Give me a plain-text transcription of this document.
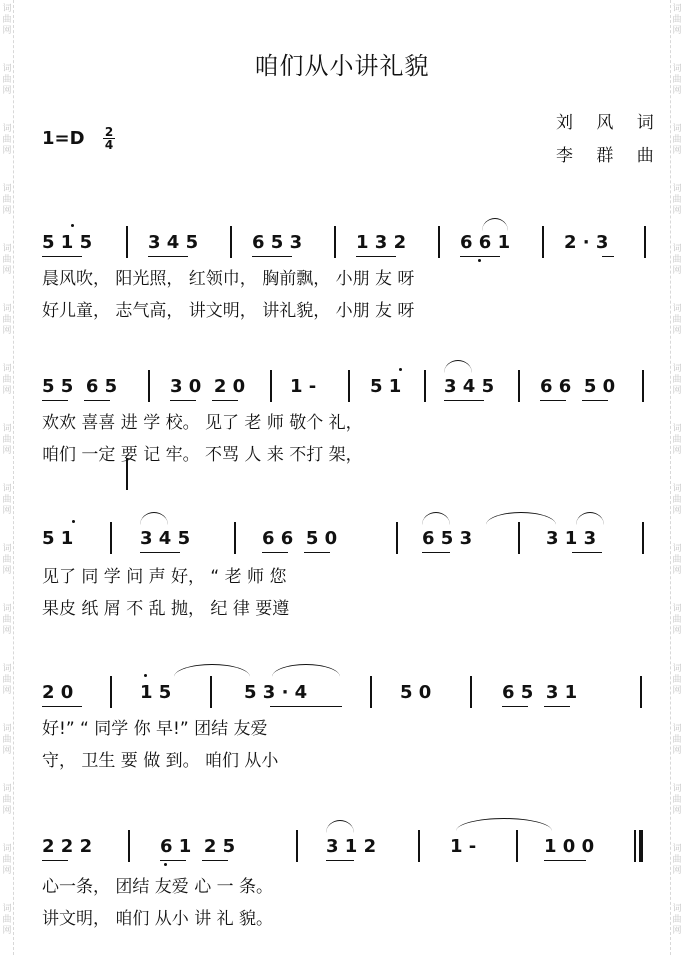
词
曲
网
词
曲
网
词
曲
网
词
曲
网
词
曲
网
词
曲
网
词
曲
网
词
曲
网
词
曲
网
词
曲
网
词
曲
网
词
曲
网
词
曲
网
词
曲
网
词
曲
网
词
曲
网
词
曲
网
词
曲
网
词
曲
网
词
曲
网
词
曲
网
词
曲
网
词
曲
网
词
曲
网
词
曲
网
词
曲
网
词
曲
网
词
曲
网
词
曲
网
词
曲
网
词
曲
网
词
曲
网
咱们从小讲礼貌
刘 风 词
李 群 曲
1=D 2
4
5 1 5	3 4 5	6 5 3	1 3 2	6 6 1	2 · 3
5 5  6 5	3 0  2 0 1 -	5 1 3 4 5	6 6  5 0
5 1	3 4 5	6 6  5 0	6 5 3	3 1 3
2 0	1 5	5 3 · 4	5 0	6 5  3 1
2 2 2	6 1  2 5	3 1 2	1 -	1 0 0
晨风吹， 阳光照， 红领巾， 胸前飘， 小朋 友 呀
好儿童， 志气高， 讲文明， 讲礼貌， 小朋 友 呀
欢欢 喜喜 进 学 校。 见了 老 师 敬个 礼，
咱们 一定 要 记 牢。 不骂 人 来 不打 架，
见了 同 学 问 声 好， “ 老 师 您
果皮 纸 屑 不 乱 抛， 纪 律 要遵
好!” “ 同学 你 早!” 团结 友爱
守， 卫生 要 做 到。 咱们 从小
心一条， 团结 友爱 心 一 条。
讲文明， 咱们 从小 讲 礼 貌。
